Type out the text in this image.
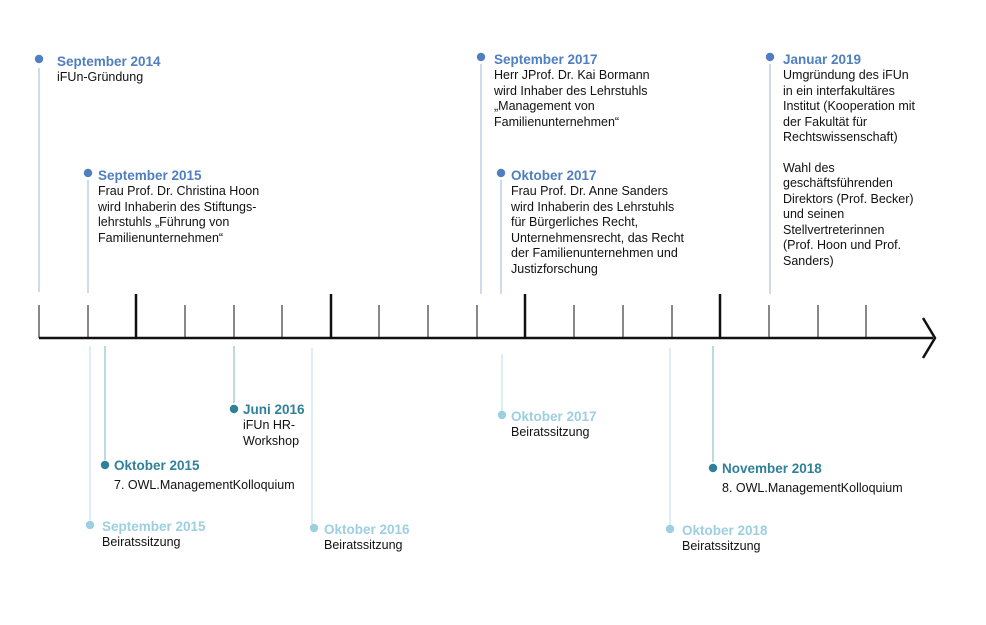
September 2014
iFUn-Gründung
September 2015
Frau Prof. Dr. Christina Hoon
wird Inhaberin des Stiftungs-
lehrstuhls „Führung von
Familienunternehmen“
September 2017
Herr JProf. Dr. Kai Bormann
wird Inhaber des Lehrstuhls
„Management von
Familienunternehmen“
Oktober 2017
Frau Prof. Dr. Anne Sanders
wird Inhaberin des Lehrstuhls
für Bürgerliches Recht,
Unternehmensrecht, das Recht
der Familienunternehmen und
Justizforschung
Januar 2019
Umgründung des iFUn
in ein interfakultäres
Institut (Kooperation mit
der Fakultät für
Rechtswissenschaft)
Wahl des
geschäftsführenden
Direktors (Prof. Becker)
und seinen
Stellvertreterinnen
(Prof. Hoon und Prof.
Sanders)
Juni 2016
iFUn HR-
Workshop
Oktober 2015
7. OWL.ManagementKolloquium
September 2015
Beiratssitzung
Oktober 2016
Beiratssitzung
Oktober 2017
Beiratssitzung
Oktober 2018
Beiratssitzung
November 2018
8. OWL.ManagementKolloquium
